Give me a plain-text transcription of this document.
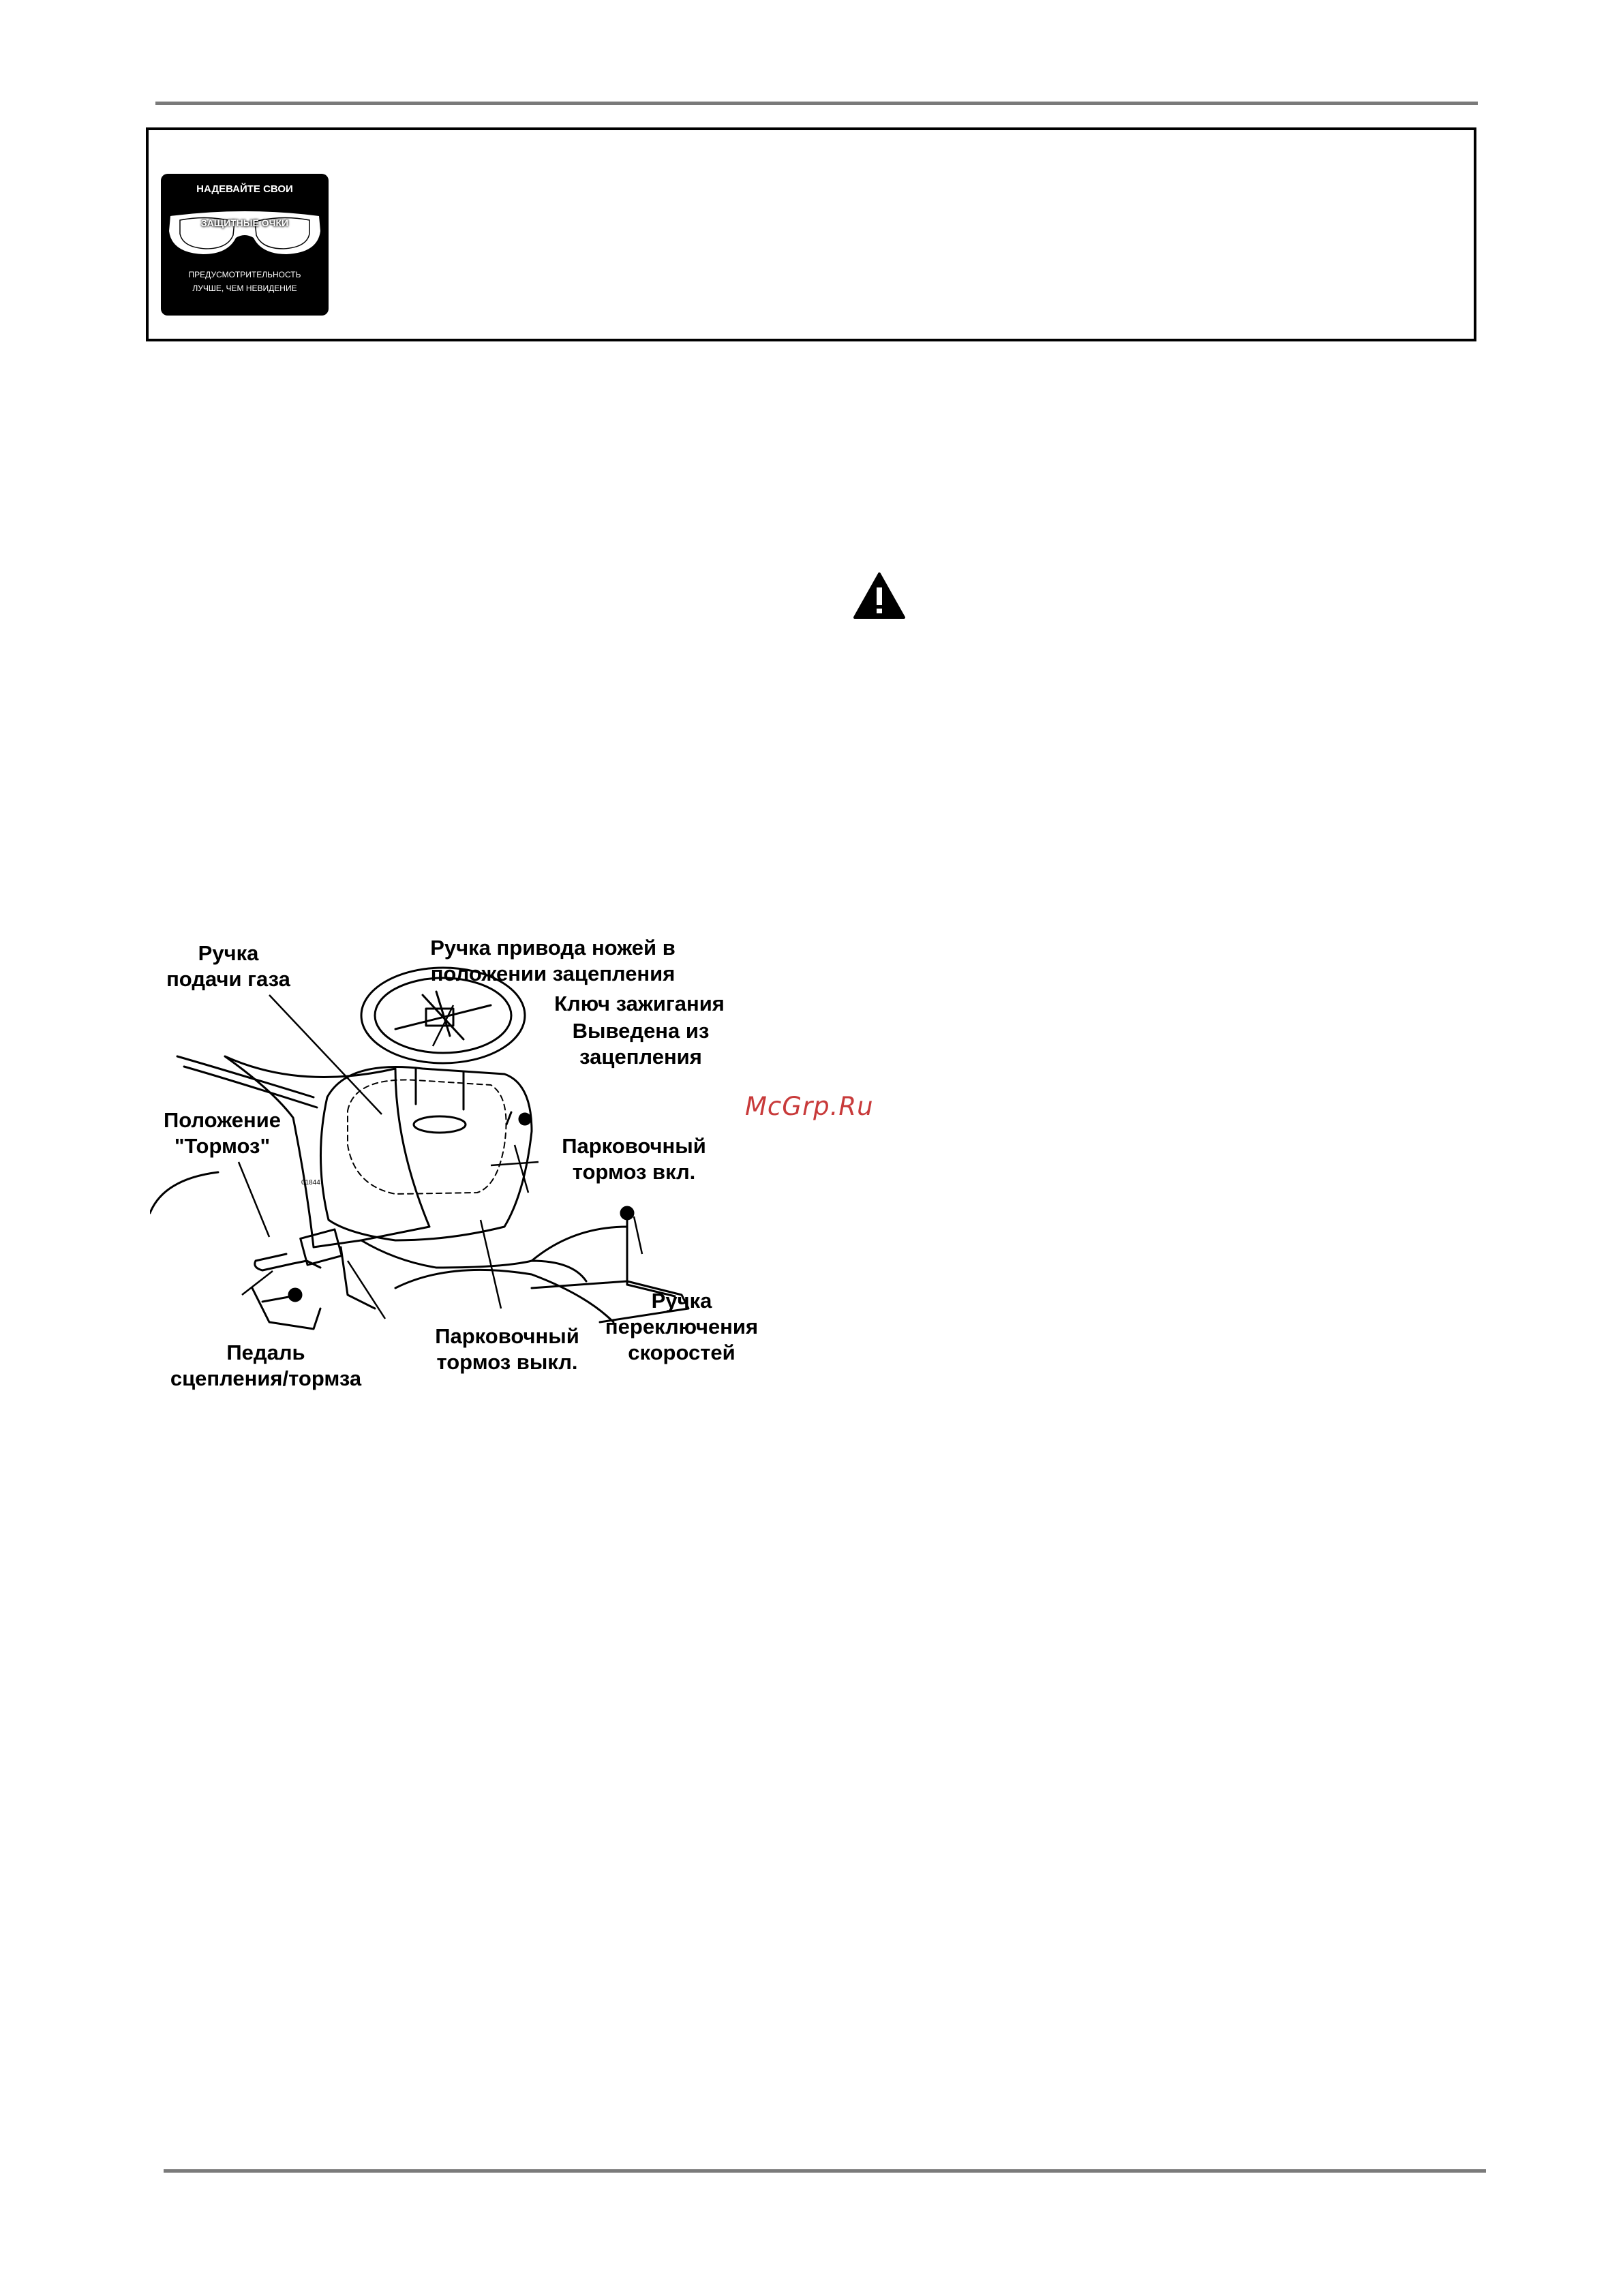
НАДЕВАЙТЕ СВОИ
ЗАЩИТНЫЕ ОЧКИ
ПРЕДУСМОТРИТЕЛЬНОСТЬ
ЛУЧШЕ, ЧЕМ НЕВИДЕНИЕ
01844
Ручка
подачи газа
Ручка привода ножей в
положении зацепления
Ключ зажигания
Выведена из
зацепления
Положение
"Тормоз"	Парковочный
тормоз вкл.
Педаль
сцепления/тормза
Парковочный
тормоз выкл.
Ручка
переключения
скоростей
McGrp.Ru
